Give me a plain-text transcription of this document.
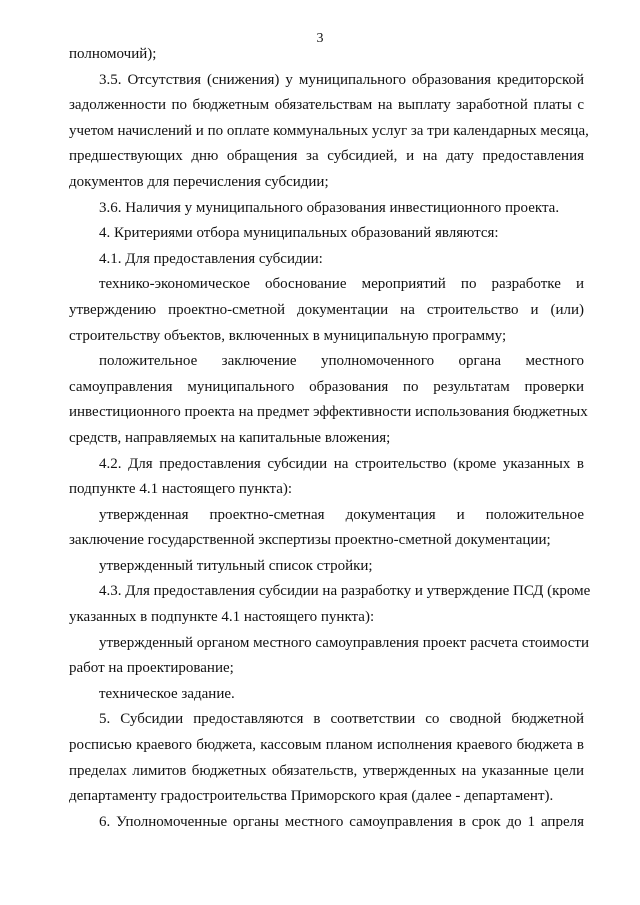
3
полномочий);
3.5. Отсутствия (снижения) у муниципального образования кредиторской
задолженности по бюджетным обязательствам на выплату заработной платы с
учетом начислений и по оплате коммунальных услуг за три календарных месяца,
предшествующих дню обращения за субсидией, и на дату предоставления
документов для перечисления субсидии;
3.6. Наличия у муниципального образования инвестиционного проекта.
4. Критериями отбора муниципальных образований являются:
4.1. Для предоставления субсидии:
технико-экономическое обоснование мероприятий по разработке и
утверждению проектно-сметной документации на строительство и (или)
строительству объектов, включенных в муниципальную программу;
положительное заключение уполномоченного органа местного
самоуправления муниципального образования по результатам проверки
инвестиционного проекта на предмет эффективности использования бюджетных
средств, направляемых на капитальные вложения;
4.2. Для предоставления субсидии на строительство (кроме указанных в
подпункте 4.1 настоящего пункта):
утвержденная проектно-сметная документация и положительное
заключение государственной экспертизы проектно-сметной документации;
утвержденный титульный список стройки;
4.3. Для предоставления субсидии на разработку и утверждение ПСД (кроме
указанных в подпункте 4.1 настоящего пункта):
утвержденный органом местного самоуправления проект расчета стоимости
работ на проектирование;
техническое задание.
5. Субсидии предоставляются в соответствии со сводной бюджетной
росписью краевого бюджета, кассовым планом исполнения краевого бюджета в
пределах лимитов бюджетных обязательств, утвержденных на указанные цели
департаменту градостроительства Приморского края (далее - департамент).
6. Уполномоченные органы местного самоуправления в срок до 1 апреля
